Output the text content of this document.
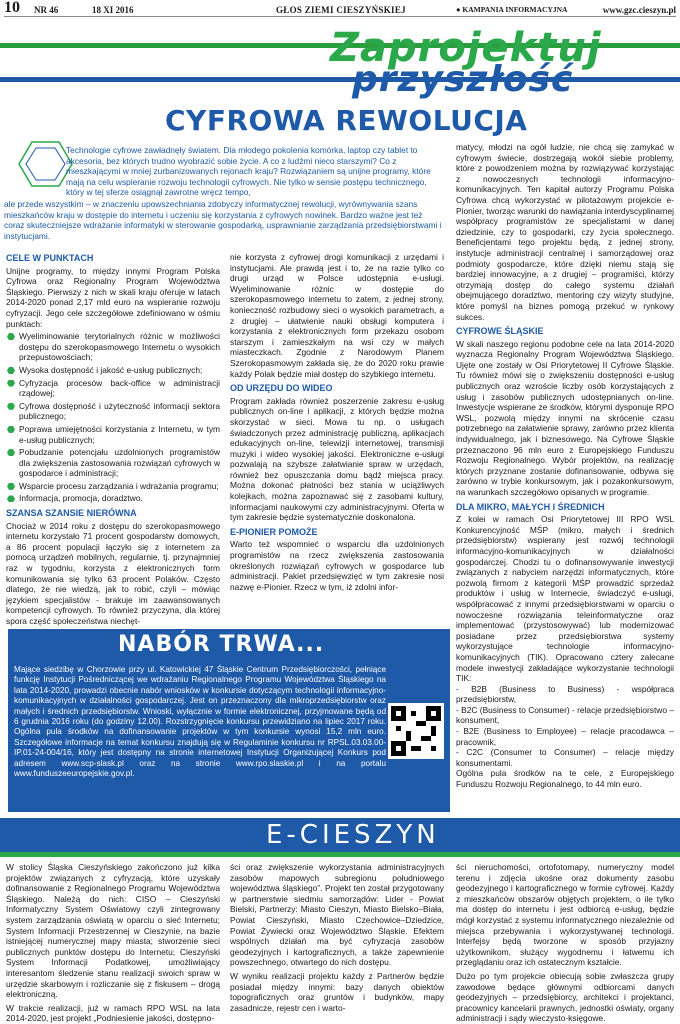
10 NR 46	18 XI 2016	GŁOS ZIEMI CIESZYŃSKIEJ	● KAMPANIA INFORMACYJNA	www.gzc.cieszyn.pl
Zaprojektuj
przyszłość
CYFROWA REWOLUCJA
Technologie cyfrowe zawładnęły światem. Dla młodego pokolenia komórka, laptop czy tablet to akcesoria, bez których trudno wyobrazić sobie życie. A co z ludźmi nieco starszymi? Co z mieszkającymi w mniej zurbanizowanych rejonach kraju? Rozwiązaniem są unijne programy, które mają na celu wspieranie rozwoju technologii cyfrowych. Nie tylko w sensie postępu technicznego, który w tej sferze osiągnął zawrotne wręcz tempo,
ale przede wszystkim – w znaczeniu upowszechniania zdobyczy informatycznej rewolucji, wyrównywania szans mieszkańców kraju w dostępie do internetu i uczeniu się korzystania z cyfrowych nowinek. Bardzo ważne jest też coraz skuteczniejsze wdrażanie informatyki w sterowanie gospodarką, usprawnianie zarządzania przedsiębiorstwami i instytucjami.
CELE W PUNKTACH

Unijne programy, to między innymi Program Polska Cyfrowa oraz Regionalny Program Województwa Śląskiego. Pierwszy z nich w skali kraju oferuje w latach 2014-2020 ponad 2,17 mld euro na wspieranie rozwoju cyfryzacji. Jego cele szczegółowe zdefiniowano w ośmiu punktach:

Wyeliminowanie terytorialnych różnic w możliwości dostępu do szerokopasmowego Internetu o wysokich przepustowościach;
Wysoka dostępność i jakość e-usług publicznych;
Cyfryzacja procesów back-office w administracji rządowej;
Cyfrowa dostępność i użyteczność informacji sektora publicznego;
Poprawa umiejętności korzystania z Internetu, w tym e-usług publicznych;
Pobudzanie potencjału uzdolnionych programistów dla zwiększenia zastosowania rozwiązań cyfrowych w gospodarce i administracji;
Wsparcie procesu zarządzania i wdrażania programu;
Informacja, promocja, doradztwo.
SZANSA SZANSIE NIERÓWNA

Chociaż w 2014 roku z dostępu do szerokopasmowego internetu korzystało 71 procent gospodarstw domowych, a 86 procent populacji łączyło się z internetem za pomocą urządzeń mobilnych, regularnie, tj. przynajmniej raz w tygodniu, korzysta z elektronicznych form komunikowania się tylko 63 procent Polaków. Często dlatego, że nie wiedzą, jak to robić, czyli – mówiąc językiem specjalistów - brakuje im zaawansowanych kompetencji cyfrowych. To również przyczyna, dla której spora część społeczeństwa niechęt-

nie korzysta z cyfrowej drogi komunikacji z urzędami i instytucjami. Ale prawdą jest i to, że na razie tylko co drugi urząd w Polsce udostępnia e-usługi. Wyeliminowanie różnic w dostępie do szerokopasmowego internetu to zatem, z jednej strony, konieczność rozbudowy sieci o wysokich parametrach, a z drugiej – ułatwienie nauki obsługi komputera i korzystania z elektronicznych form przekazu osobom starszym i zamieszkałym na wsi czy w małych miasteczkach. Zgodnie z Narodowym Planem Szerokopasmowym zakłada się, że do 2020 roku prawie każdy Polak będzie miał dostęp do szybkiego internetu.

OD URZĘDU DO WIDEO

Program zakłada również poszerzenie zakresu e-usług publicznych on-line i aplikacji, z których będzie można skorzystać w sieci. Mowa tu np. o usługach świadczonych przez administrację publiczną, aplikacjach edukacyjnych on-line, telewizji internetowej, transmisji muzyki i wideo wysokiej jakości. Elektroniczne e-usługi pozwalają na szybsze załatwianie spraw w urzędach, również bez opuszczania domu bądź miejsca pracy. Można dokonać płatności bez stania w uciążliwych kolejkach, można zapoznawać się z zasobami kultury, informacjami naukowymi czy administracyjnymi. Oferta w tym zakresie będzie systematycznie doskonalona.

E-PIONIER POMOŻE

Warto też wspomnieć o wsparciu dla uzdolnionych programistów na rzecz zwiększenia zastosowania określonych rozwiązań cyfrowych w gospodarce lub administracji. Pakiet przedsięwzięć w tym zakresie nosi nazwę e-Pionier. Rzecz w tym, iż zdolni infor-

matycy, młodzi na ogół ludzie, nie chcą się zamykać w cyfrowym świecie, dostrzegają wokół siebie problemy, które z powodzeniem można by rozwiązywać korzystając z nowoczesnych technologii informacyjno-komunikacyjnych. Ten kapitał autorzy Programu Polska Cyfrowa chcą wykorzystać w pilotażowym projekcie e-Pionier, tworząc warunki do nawiązania interdyscyplinarnej współpracy programistów ze specjalistami w danej dziedzinie, czy to gospodarki, czy życia społecznego. Beneficjentami tego projektu będą, z jednej strony, instytucje administracji centralnej i samorządowej oraz podmioty gospodarcze, które dzięki niemu stają się bardziej innowacyjne, a z drugiej – programiści, którzy otrzymają dostęp do całego systemu działań obejmującego doradztwo, mentoring czy wizyty studyjne, które pomyśl na biznes pomogą przekuć w rynkowy sukces.

CYFROWE ŚLĄSKIE

W skali naszego regionu podobne cele na lata 2014-2020 wyznacza Regionalny Program Województwa Śląskiego. Ujęte one zostały w Osi Priorytetowej II Cyfrowe Śląskie. Tu również mówi się o zwiększeniu dostępności e-usług publicznych oraz wzroście liczby osób korzystających z usług i zasobów publicznych udostępnianych on-line. Inwestycje wspierane ze środków, którymi dysponuje RPO WSL, pozwolą między innymi na skrócenie czasu potrzebnego na załatwienie sprawy, zarówno przez klienta indywidualnego, jak i biznesowego. Na Cyfrowe Śląskie przeznaczono 96 mln euro z Europejskiego Funduszu Rozwoju Regionalnego. Wybór projektów, na realizację których przyznane zostanie dofinansowanie, odbywa się zarówno w trybie konkursowym, jak i pozakonkursowym, na warunkach szczegółowo opisanych w programie.

DLA MIKRO, MAŁYCH I ŚREDNICH

Z kolei w ramach Osi Priorytetowej III RPO WSL Konkurencyjność MŚP (mikro, małych i średnich przedsiębiorstw) wspierany jest rozwój technologii informacyjno-komunikacyjnych w działalności gospodarczej. Chodzi tu o dofinansowywanie inwestycji związanych z nabyciem narzędzi informatycznych, które pozwolą firmom z kategorii MŚP prowadzić sprzedaż produktów i usług w Internecie, świadczyć e-usługi, współpracować z innymi przedsiębiorstwami w oparciu o nowoczesne rozwiązania teleinformatyczne oraz implementować (przystosowywać) lub modernizować posiadane przez przedsiębiorstwa systemy wykorzystujące technologie informacyjno-komunikacyjnych (TIK). Opracowano cztery zalecane modele inwestycji zakładające wykorzystanie technologii TIK:

- B2B (Business to Business) - współpraca przedsiębiorstw,
- B2C (Business to Consumer) - relacje przedsiębiorstwo – konsument,
- B2E (Business to Employee) – relacje pracodawca – pracownik,
- C2C (Consumer to Consumer) – relacje między konsumentami.

Ogólna pula środków na te cele, z Europejskiego Funduszu Rozwoju Regionalnego, to 44 mln euro.

NABÓR TRWA...
Mające siedzibę w Chorzowie przy ul. Katowickiej 47 Śląskie Centrum Przedsiębiorczości, pełniące funkcję Instytucji Pośredniczącej we wdrażaniu Regionalnego Programu Województwa Śląskiego na lata 2014-2020, prowadzi obecnie nabór wniosków w konkursie dotyczącym technologii informacyjno-komunikacyjnych w działalności gospodarczej. Jest on przeznaczony dla mikroprzedsiębiorstw oraz małych i średnich przedsiębiorstw. Wnioski, wyłącznie w formie elektronicznej, przyjmowane będą od 6 grudnia 2016 roku (do godziny 12.00). Rozstrzygnięcie konkursu przewidziano na lipiec 2017 roku. Ogólna pula środków na dofinansowanie projektów w tym konkursie wynosi 15,2 mln euro. Szczegółowe informacje na temat konkursu znajdują się w Regulaminie konkursu nr RPSL.03.03.00-IP.01-24-004/16, który jest dostępny na stronie internetowej Instytucji Organizującej Konkurs pod adresem www.scp-slask.pl oraz na stronie www.rpo.slaskie.pl i na portalu www.funduszeeuropejskie.gov.pl.
E-CIESZYN

W stolicy Śląska Cieszyńskiego zakończono już kilka projektów związanych z cyfryzacją, które uzyskały dofinansowanie z Regionalnego Programu Województwa Śląskiego. Należą do nich: CISO – Cieszyński Informatyczny System Oświatowy czyli zintegrowany system zarządzania oświatą w oparciu o sieć Internetu; System Informacji Przestrzennej w Cieszynie, na bazie istniejącej numerycznej mapy miasta; stworzenie sieci publicznych punktów dostępu do Internetu; Cieszyński System Informacji Podatkowej, umożliwiający interesantom śledzenie stanu realizacji swoich spraw w urzędzie skarbowym i rozliczanie się z fiskusem – drogą elektroniczną.

W trakcie realizacji, już w ramach RPO WSL na lata 2014-2020, jest projekt „Podniesienie jakości, dostępno-

ści oraz zwiększenie wykorzystania administracyjnych zasobów mapowych subregionu południowego województwa śląskiego”. Projekt ten został przygotowany w partnerstwie siedmiu samorządów: Lider - Powiat Bielski, Partnerzy: Miasto Cieszyn, Miasto Bielsko–Biała, Powiat Cieszyński, Miasto Czechowice–Dziedzice, Powiat Żywiecki oraz Województwo Śląskie. Efektem wspólnych działań ma być cyfryzacja zasobów geodezyjnych i kartograficznych, a także zapewnienie powszechnego, otwartego do nich dostępu.

W wyniku realizacji projektu każdy z Partnerów będzie posiadał między innymi: bazy danych obiektów topograficznych oraz gruntów i budynków, mapy zasadnicze, rejestr cen i warto-

ści nieruchomości, ortofotomapy, numeryczny model terenu i zdjęcia ukośne oraz dokumenty zasobu geodezyjnego i kartograficznego w formie cyfrowej. Każdy z mieszkańców obszarów objętych projektem, o ile tylko ma dostęp do internetu i jest odbiorcą e-usług, będzie mógł korzystać z systemu informatycznego niezależnie od miejsca przebywania i wykorzystywanej technologii. Interfejsy będą tworzone w sposób przyjazny użytkownikom, służący wygodnemu i łatwemu ich przeglądaniu oraz ich ostatecznym kształcie.

Dużo po tym projekcie obiecują sobie zwłaszcza grupy zawodowe będące głównymi odbiorcami danych geodezyjnych – przedsiębiorcy, architekci i projektanci, pracownicy kancelarii prawnych, jednostki oświaty, organy administracji i sądy wieczysto-księgowe.
